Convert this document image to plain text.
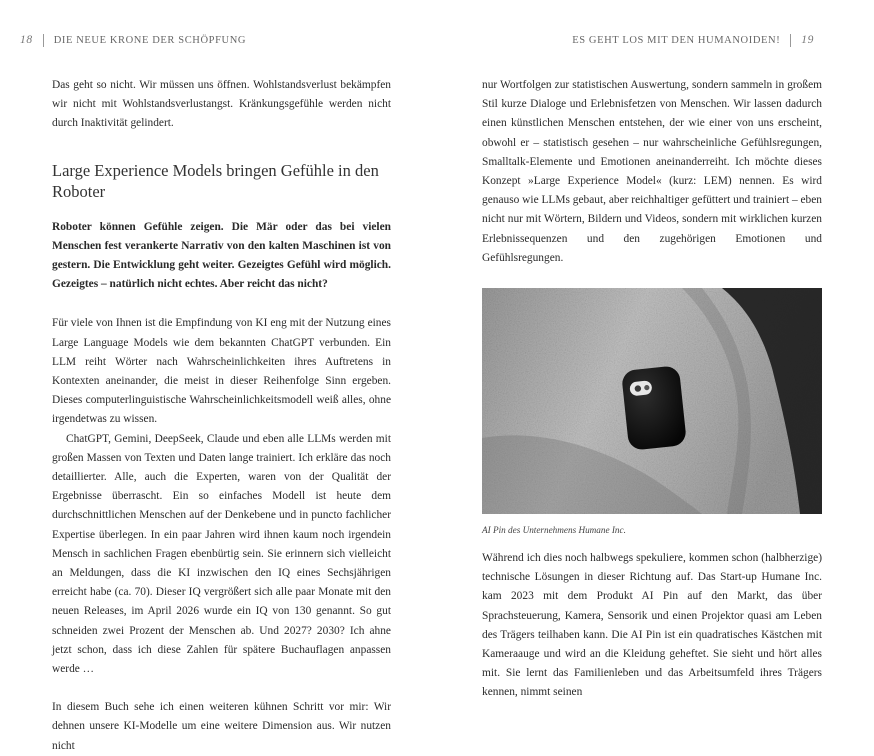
18 DIE NEUE KRONE DER SCHÖPFUNG

Das geht so nicht. Wir müssen uns öffnen. Wohlstandsverlust bekämpfen wir nicht mit Wohlstandsverlustangst. Kränkungsgefühle werden nicht durch Inaktivität gelindert.

Large Experience Models bringen Gefühle in den Roboter

Roboter können Gefühle zeigen. Die Mär oder das bei vielen Menschen fest verankerte Narrativ von den kalten Maschinen ist von gestern. Die Entwicklung geht weiter. Gezeigtes Gefühl wird möglich. Gezeigtes – natürlich nicht echtes. Aber reicht das nicht?

Für viele von Ihnen ist die Empfindung von KI eng mit der Nutzung eines Large Language Models wie dem bekannten ChatGPT verbunden. Ein LLM reiht Wörter nach Wahrscheinlichkeiten ihres Auftretens in Kontexten aneinander, die meist in dieser Reihenfolge Sinn ergeben. Dieses computerlinguistische Wahrscheinlichkeitsmodell weiß alles, ohne irgendetwas zu wissen.

ChatGPT, Gemini, DeepSeek, Claude und eben alle LLMs werden mit großen Massen von Texten und Daten lange trainiert. Ich erkläre das noch detaillierter. Alle, auch die Experten, waren von der Qualität der Ergebnisse überrascht. Ein so einfaches Modell ist heute dem durchschnittlichen Menschen auf der Denkebene und in puncto fachlicher Expertise überlegen. In ein paar Jahren wird ihnen kaum noch irgendein Mensch in sachlichen Fragen ebenbürtig sein. Sie erinnern sich vielleicht an Meldungen, dass die KI inzwischen den IQ eines Sechsjährigen erreicht habe (ca. 70). Dieser IQ vergrößert sich alle paar Monate mit den neuen Releases, im April 2026 wurde ein IQ von 130 genannt. So gut schneiden zwei Prozent der Menschen ab. Und 2027? 2030? Ich ahne jetzt schon, dass ich diese Zahlen für spätere Buchauflagen anpassen werde …

In diesem Buch sehe ich einen weiteren kühnen Schritt vor mir: Wir dehnen unsere KI-Modelle um eine weitere Dimension aus. Wir nutzen nicht

ES GEHT LOS MIT DEN HUMANOIDEN! 19

nur Wortfolgen zur statistischen Auswertung, sondern sammeln in großem Stil kurze Dialoge und Erlebnisfetzen von Menschen. Wir lassen dadurch einen künstlichen Menschen entstehen, der wie einer von uns erscheint, obwohl er – statistisch gesehen – nur wahrscheinliche Gefühlsregungen, Smalltalk-Elemente und Emotionen aneinanderreiht. Ich möchte dieses Konzept »Large Experience Model« (kurz: LEM) nennen. Es wird genauso wie LLMs gebaut, aber reichhaltiger gefüttert und trainiert – eben nicht nur mit Wörtern, Bildern und Videos, sondern mit wirklichen kurzen Erlebnissequenzen und den zugehörigen Emotionen und Gefühlsregungen.

AI Pin des Unternehmens Humane Inc.

Während ich dies noch halbwegs spekuliere, kommen schon (halbherzige) technische Lösungen in dieser Richtung auf. Das Start-up Humane Inc. kam 2023 mit dem Produkt AI Pin auf den Markt, das über Sprachsteuerung, Kamera, Sensorik und einen Projektor quasi am Leben des Trägers teilhaben kann. Die AI Pin ist ein quadratisches Kästchen mit Kameraauge und wird an die Kleidung geheftet. Sie sieht und hört alles mit. Sie lernt das Familienleben und das Arbeitsumfeld ihres Trägers kennen, nimmt seinen
